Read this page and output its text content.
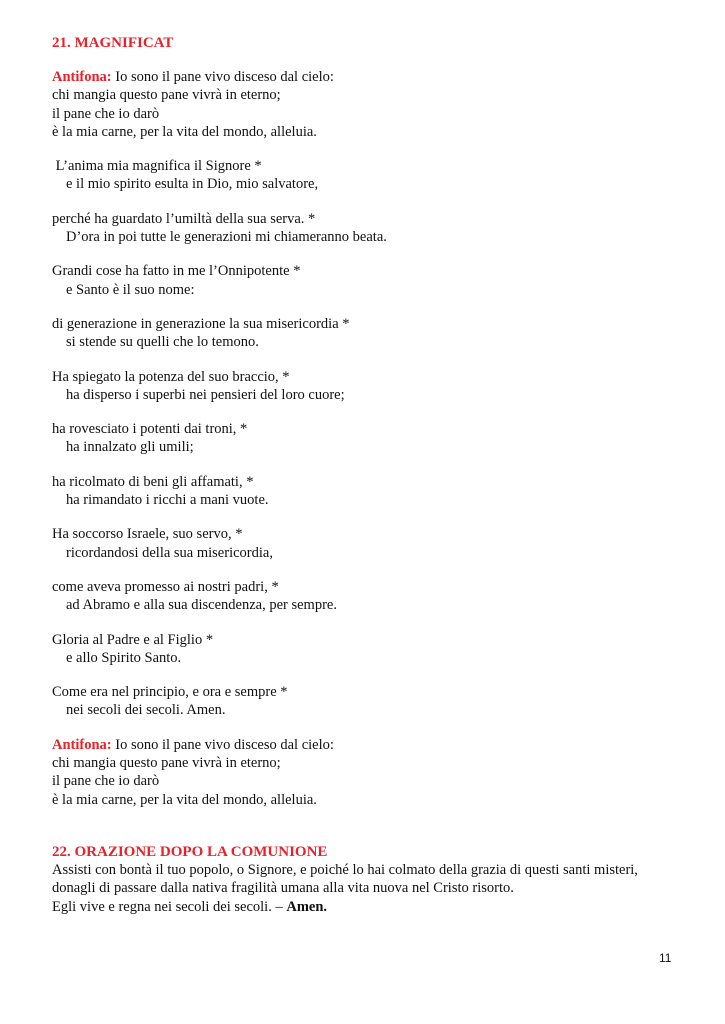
21. MAGNIFICAT
Antifona: Io sono il pane vivo disceso dal cielo:
chi mangia questo pane vivrà in eterno;
il pane che io darò
è la mia carne, per la vita del mondo, alleluia.
L’anima mia magnifica il Signore *
e il mio spirito esulta in Dio, mio salvatore,
perché ha guardato l’umiltà della sua serva. *
D’ora in poi tutte le generazioni mi chiameranno beata.
Grandi cose ha fatto in me l’Onnipotente *
e Santo è il suo nome:
di generazione in generazione la sua misericordia *
si stende su quelli che lo temono.
Ha spiegato la potenza del suo braccio, *
ha disperso i superbi nei pensieri del loro cuore;
ha rovesciato i potenti dai troni, *
ha innalzato gli umili;
ha ricolmato di beni gli affamati, *
ha rimandato i ricchi a mani vuote.
Ha soccorso Israele, suo servo, *
ricordandosi della sua misericordia,
come aveva promesso ai nostri padri, *
ad Abramo e alla sua discendenza, per sempre.
Gloria al Padre e al Figlio *
e allo Spirito Santo.
Come era nel principio, e ora e sempre *
nei secoli dei secoli. Amen.
Antifona: Io sono il pane vivo disceso dal cielo:
chi mangia questo pane vivrà in eterno;
il pane che io darò
è la mia carne, per la vita del mondo, alleluia.
22. ORAZIONE DOPO LA COMUNIONE
Assisti con bontà il tuo popolo, o Signore, e poiché lo hai colmato della grazia di questi santi misteri,
donagli di passare dalla nativa fragilità umana alla vita nuova nel Cristo risorto.
Egli vive e regna nei secoli dei secoli. – Amen.
11
